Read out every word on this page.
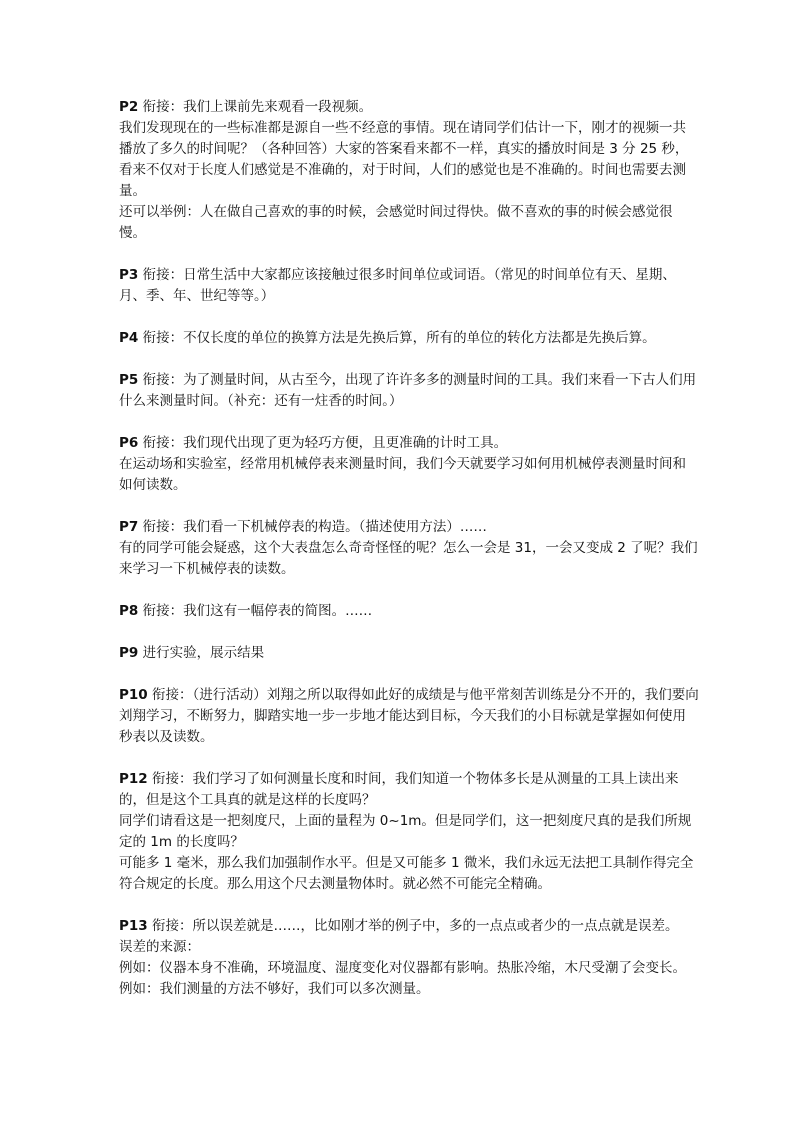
P2 衔接：我们上课前先来观看一段视频。

我们发现现在的一些标准都是源自一些不经意的事情。现在请同学们估计一下，刚才的视频一共播放了多久的时间呢？（各种回答）大家的答案看来都不一样，真实的播放时间是 3 分 25 秒，看来不仅对于长度人们感觉是不准确的，对于时间，人们的感觉也是不准确的。时间也需要去测量。

还可以举例：人在做自己喜欢的事的时候，会感觉时间过得快。做不喜欢的事的时候会感觉很慢。

P3 衔接：日常生活中大家都应该接触过很多时间单位或词语。（常见的时间单位有天、星期、月、季、年、世纪等等。）

P4 衔接：不仅长度的单位的换算方法是先换后算，所有的单位的转化方法都是先换后算。

P5 衔接：为了测量时间，从古至今，出现了许许多多的测量时间的工具。我们来看一下古人们用什么来测量时间。（补充：还有一炷香的时间。）

P6 衔接：我们现代出现了更为轻巧方便，且更准确的计时工具。

在运动场和实验室，经常用机械停表来测量时间，我们今天就要学习如何用机械停表测量时间和如何读数。

P7 衔接：我们看一下机械停表的构造。（描述使用方法）……

有的同学可能会疑惑，这个大表盘怎么奇奇怪怪的呢？怎么一会是 31，一会又变成 2 了呢？我们来学习一下机械停表的读数。

P8 衔接：我们这有一幅停表的简图。……

P9 进行实验，展示结果

P10 衔接：（进行活动）刘翔之所以取得如此好的成绩是与他平常刻苦训练是分不开的，我们要向刘翔学习，不断努力，脚踏实地一步一步地才能达到目标，今天我们的小目标就是掌握如何使用秒表以及读数。

P12 衔接：我们学习了如何测量长度和时间，我们知道一个物体多长是从测量的工具上读出来的，但是这个工具真的就是这样的长度吗？

同学们请看这是一把刻度尺，上面的量程为 0~1m。但是同学们，这一把刻度尺真的是我们所规定的 1m 的长度吗？

可能多 1 毫米，那么我们加强制作水平。但是又可能多 1 微米，我们永远无法把工具制作得完全符合规定的长度。那么用这个尺去测量物体时。就必然不可能完全精确。

P13 衔接：所以误差就是……，比如刚才举的例子中，多的一点点或者少的一点点就是误差。

误差的来源：

例如：仪器本身不准确，环境温度、湿度变化对仪器都有影响。热胀冷缩，木尺受潮了会变长。

例如：我们测量的方法不够好，我们可以多次测量。
